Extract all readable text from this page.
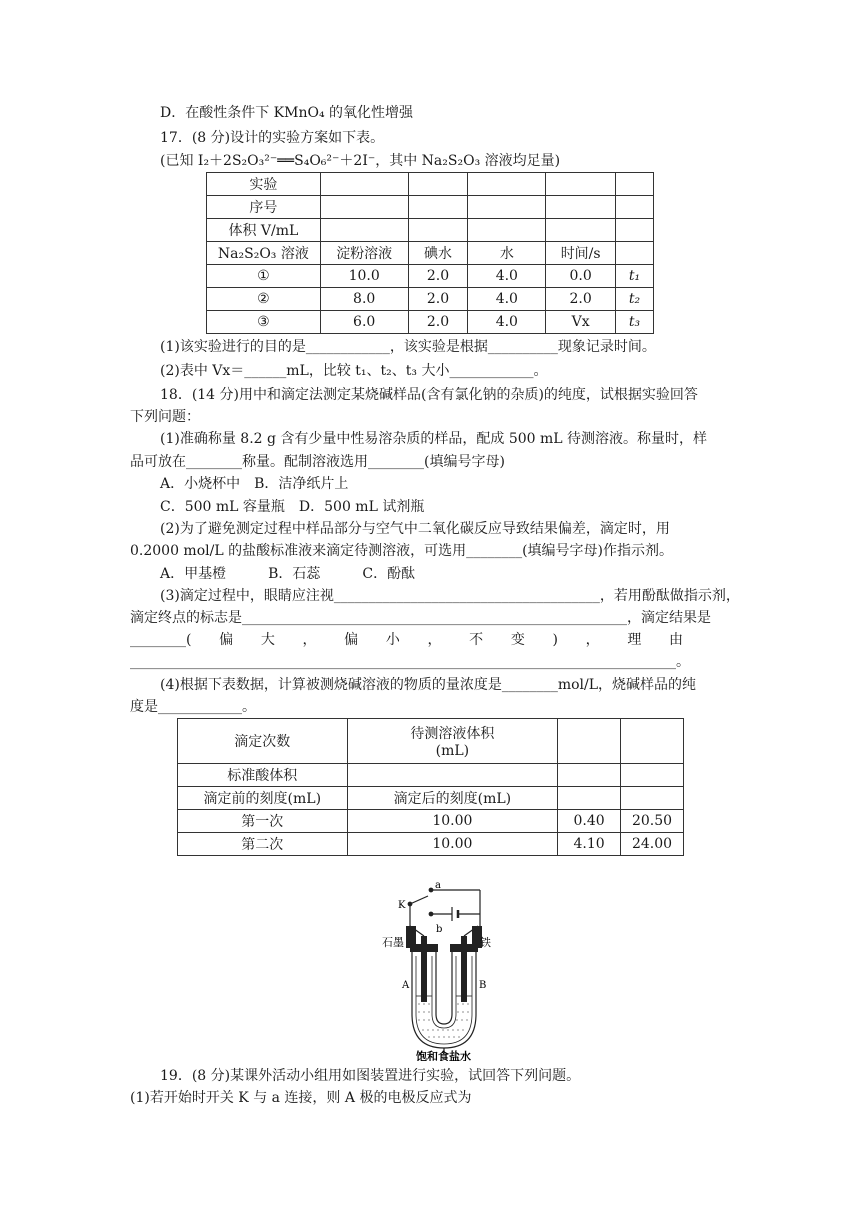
D．在酸性条件下 KMnO₄ 的氧化性增强
17．(8 分)设计的实验方案如下表。
(已知 I₂＋2S₂O₃²⁻══S₄O₆²⁻＋2I⁻，其中 Na₂S₂O₃ 溶液均足量)
实验					
序号					
体积 V/mL					
Na₂S₂O₃ 溶液	淀粉溶液	碘水	水	时间/s	
①	10.0	2.0	4.0	0.0	t₁
②	8.0	2.0	4.0	2.0	t₂
③	6.0	2.0	4.0	Vx	t₃
(1)该实验进行的目的是____________，该实验是根据__________现象记录时间。
(2)表中 Vx＝______mL，比较 t₁、t₂、t₃ 大小____________。
18．(14 分)用中和滴定法测定某烧碱样品(含有氯化钠的杂质)的纯度，试根据实验回答
下列问题：
(1)准确称量 8.2 g 含有少量中性易溶杂质的样品，配成 500 mL 待测溶液。称量时，样
品可放在________称量。配制溶液选用________(填编号字母)
A．小烧杯中　B．洁净纸片上
C．500 mL 容量瓶　D．500 mL 试剂瓶
(2)为了避免测定过程中样品部分与空气中二氧化碳反应导致结果偏差，滴定时，用
0.2000 mol/L 的盐酸标准液来滴定待测溶液，可选用________(填编号字母)作指示剂。
A．甲基橙　　　B．石蕊　　　C．酚酞
(3)滴定过程中，眼睛应注视______________________________________，若用酚酞做指示剂，
滴定终点的标志是_______________________________________________________，滴定结果是
________( 偏 大 ， 偏 小 ， 不 变 ) ， 理 由
______________________________________________________________________________。
(4)根据下表数据，计算被测烧碱溶液的物质的量浓度是________mol/L，烧碱样品的纯
度是____________。
滴定次数	待测溶液体积
(mL)		
标准酸体积			
滴定前的刻度(mL)	滴定后的刻度(mL)		
第一次	10.00	0.40	20.50
第二次	10.00	4.10	24.00
a
K
b
石墨	铁
A	B
饱和食盐水
19．(8 分)某课外活动小组用如图装置进行实验，试回答下列问题。
(1)若开始时开关 K 与 a 连接，则 A 极的电极反应式为
